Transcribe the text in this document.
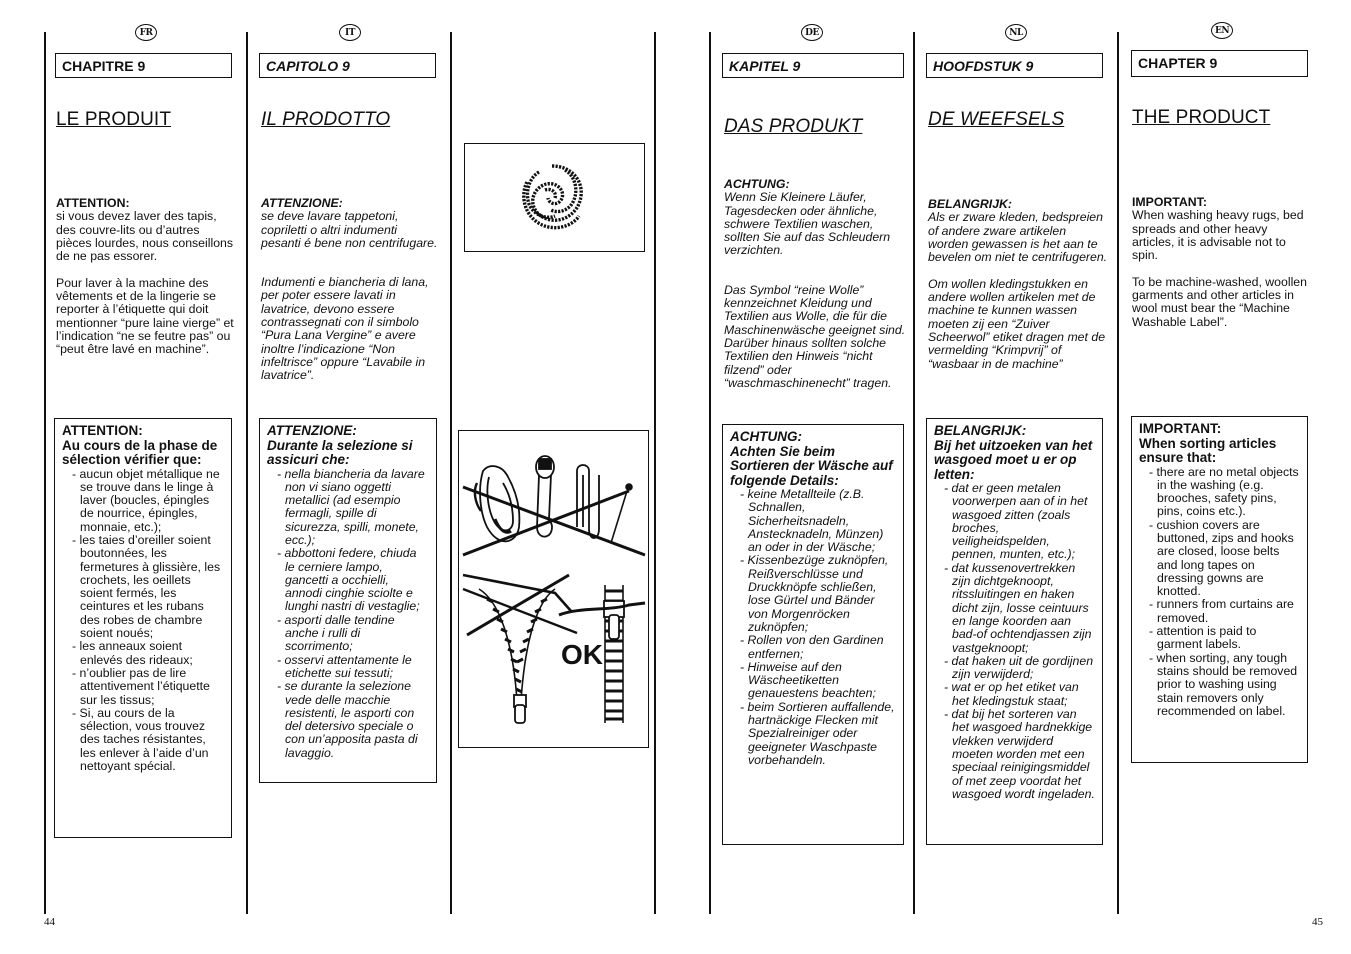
FR	IT	DE	NL	EN
CHAPITRE 9
LE PRODUIT
ATTENTION:

si vous devez laver des tapis, des couvre-lits ou d’autres pièces lourdes, nous conseillons de ne pas essorer.

Pour laver à la machine des vêtements et de la lingerie se reporter à l’étiquette qui doit mentionner “pure laine vierge” et l’indication “ne se feutre pas” ou “peut être lavé en machine”.

ATTENTION:
Au cours de la phase de sélection vérifier que:

- aucun objet métallique ne se trouve dans le linge à laver (boucles, épingles de nourrice, épingles, monnaie, etc.);
- les taies d’oreiller soient boutonnées, les fermetures à glissière, les crochets, les oeillets soient fermés, les ceintures et les rubans des robes de chambre soient noués;
- les anneaux soient enlevés des rideaux;
- n’oublier pas de lire attentivement l’étiquette sur les tissus;
- Si, au cours de la sélection, vous trouvez des taches résistantes, les enlever à l’aide d’un nettoyant spécial.
CAPITOLO 9
IL PRODOTTO
ATTENZIONE:

se deve lavare tappetoni, copriletti o altri indumenti pesanti é bene non centrifugare.

Indumenti e biancheria di lana, per poter essere lavati in lavatrice, devono essere contrassegnati con il simbolo “Pura Lana Vergine” e avere inoltre l’indicazione “Non infeltrisce” oppure “Lavabile in lavatrice”.

ATTENZIONE:
Durante la selezione si assicuri che:

- nella biancheria da lavare non vi siano oggetti metallici (ad esempio fermagli, spille di sicurezza, spilli, monete, ecc.);
- abbottoni federe, chiuda le cerniere lampo, gancetti a occhielli, annodi cinghie sciolte e lunghi nastri di vestaglie;
- asporti dalle tendine anche i rulli di scorrimento;
- osservi attentamente le etichette sui tessuti;
- se durante la selezione vede delle macchie resistenti, le asporti con del detersivo speciale o con un’apposita pasta di lavaggio.
OK
KAPITEL 9
DAS PRODUKT
ACHTUNG:

Wenn Sie Kleinere Läufer, Tagesdecken oder ähnliche, schwere Textilien waschen, sollten Sie auf das Schleudern verzichten.

Das Symbol “reine Wolle” kennzeichnet Kleidung und Textilien aus Wolle, die für die Maschinenwäsche geeignet sind. Darüber hinaus sollten solche Textilien den Hinweis “nicht filzend” oder “waschmaschinenecht” tragen.

ACHTUNG:
Achten Sie beim Sortieren der Wäsche auf folgende Details:

- keine Metallteile (z.B. Schnallen, Sicherheitsnadeln, Anstecknadeln, Münzen) an oder in der Wäsche;
- Kissenbezüge zuknöpfen, Reißverschlüsse und Druckknöpfe schließen, lose Gürtel und Bänder von Morgenröcken zuknöpfen;
- Rollen von den Gardinen entfernen;
- Hinweise auf den Wäscheetiketten genauestens beachten;
- beim Sortieren auffallende, hartnäckige Flecken mit Spezialreiniger oder geeigneter Waschpaste vorbehandeln.
HOOFDSTUK 9
DE WEEFSELS
BELANGRIJK:

Als er zware kleden, bedspreien of andere zware artikelen worden gewassen is het aan te bevelen om niet te centrifugeren.

Om wollen kledingstukken en andere wollen artikelen met de machine te kunnen wassen moeten zij een “Zuiver Scheerwol” etiket dragen met de vermelding “Krimpvrij” of “wasbaar in de machine”

BELANGRIJK:
Bij het uitzoeken van het wasgoed moet u er op letten:

- dat er geen metalen voorwerpen aan of in het wasgoed zitten (zoals broches, veiligheidspelden, pennen, munten, etc.);
- dat kussenovertrekken zijn dichtgeknoopt, ritssluitingen en haken dicht zijn, losse ceintuurs en lange koorden aan bad-of ochtendjassen zijn vastgeknoopt;
- dat haken uit de gordijnen zijn verwijderd;
- wat er op het etiket van het kledingstuk staat;
- dat bij het sorteren van het wasgoed hardnekkige vlekken verwijderd moeten worden met een speciaal reinigingsmiddel of met zeep voordat het wasgoed wordt ingeladen.
CHAPTER 9
THE PRODUCT
IMPORTANT:

When washing heavy rugs, bed spreads and other heavy articles, it is advisable not to spin.

To be machine-washed, woollen garments and other articles in wool must bear the “Machine Washable Label”.

IMPORTANT:
When sorting articles ensure that:

- there are no metal objects in the washing (e.g. brooches, safety pins, pins, coins etc.).
- cushion covers are buttoned, zips and hooks are closed, loose belts and long tapes on dressing gowns are knotted.
- runners from curtains are removed.
- attention is paid to garment labels.
- when sorting, any tough stains should be removed prior to washing using stain removers only recommended on label.
44	45
